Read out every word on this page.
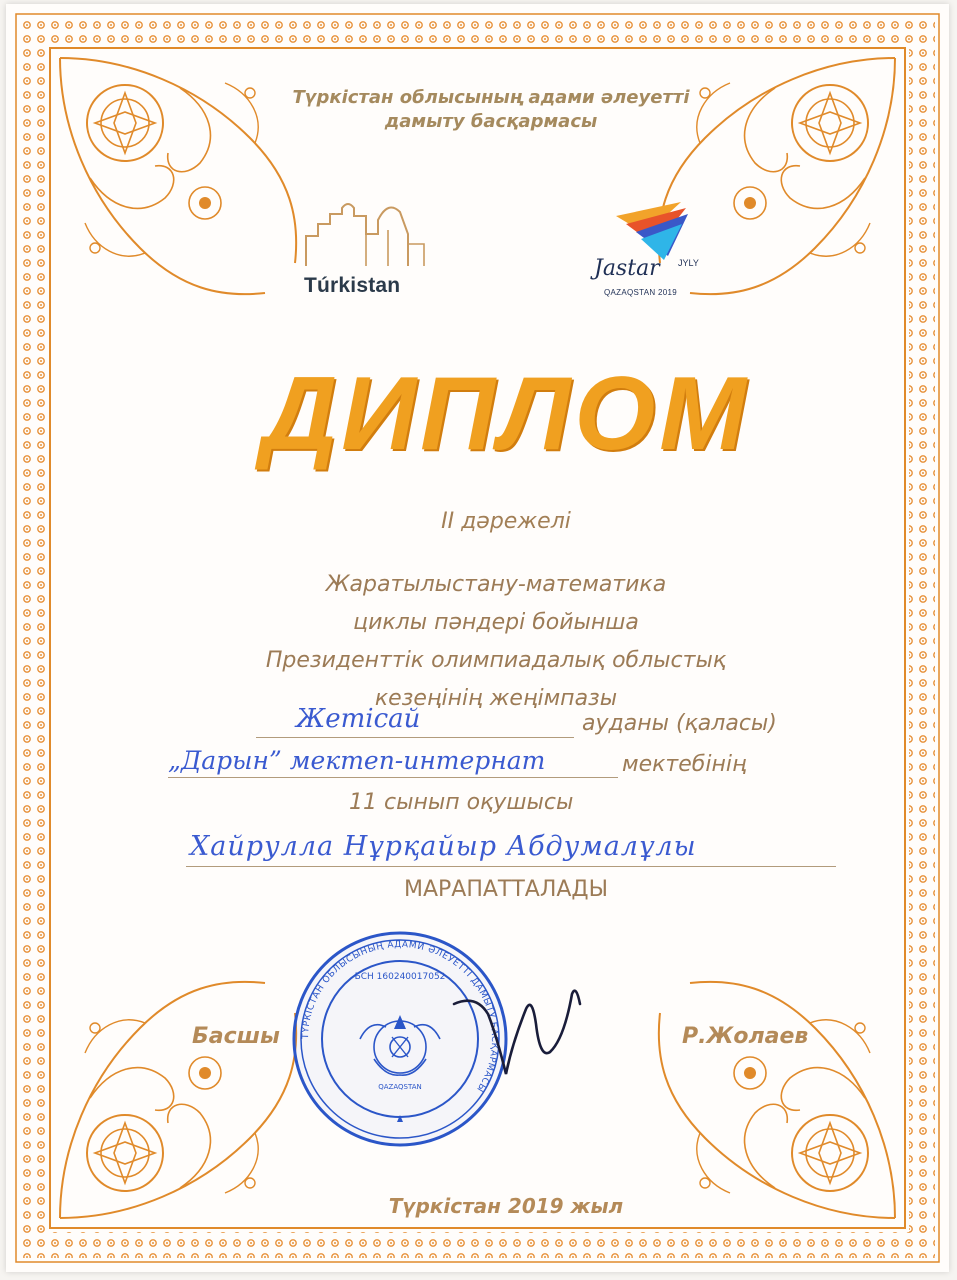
Түркістан облысының адами әлеуетті
дамыту басқармасы
Túrkistan
Jastar JYLY
QAZAQSTAN 2019
ДИПЛОМ
II дәрежелі
Жаратылыстану-математика
циклы пәндері бойынша
Президенттік олимпиадалық облыстық
кезеңінің жеңімпазы
Жетісай	ауданы (қаласы)
„Дарын” мектеп-интернат	мектебінің
11 сынып оқушысы
Хайрулла Нұрқайыр Абдумалұлы
МАРАПАТТАЛАДЫ
Басшы	Р.Жолаев
ТҮРКІСТАН ОБЛЫСЫНЫҢ АДАМИ ӘЛЕУЕТТІ ДАМЫТУ БАСҚАРМАСЫ
БСН 160240017052
QAZAQSTAN
Түркістан 2019 жыл
